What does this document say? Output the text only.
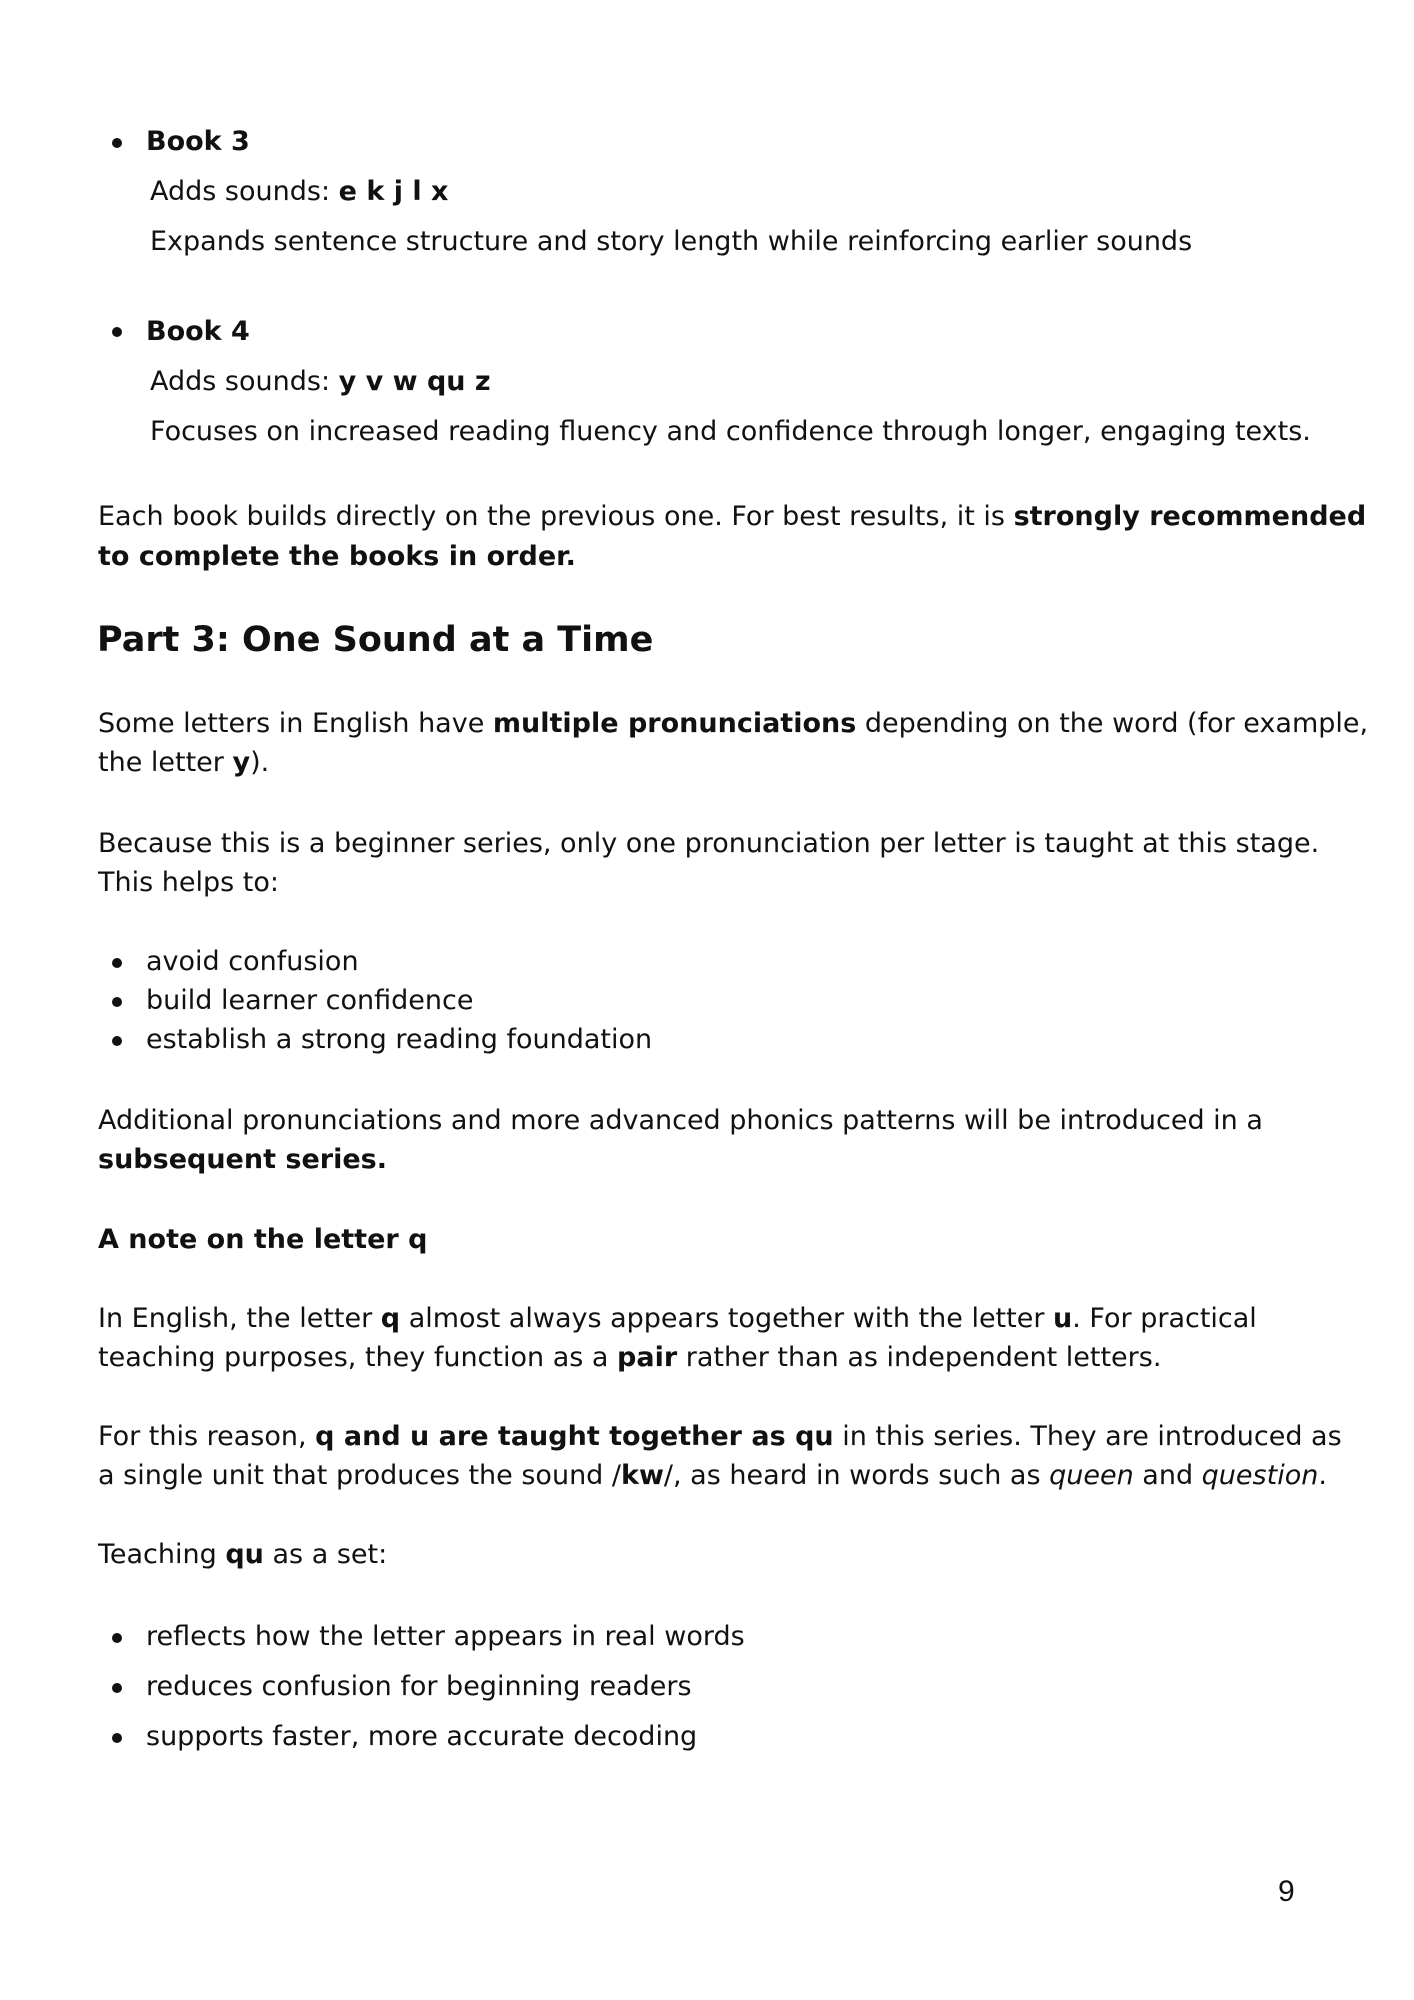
Book 3
Adds sounds: e k j l x
Expands sentence structure and story length while reinforcing earlier sounds
Book 4
Adds sounds: y v w qu z
Focuses on increased reading fluency and confidence through longer, engaging texts.
Each book builds directly on the previous one. For best results, it is strongly recommended
to complete the books in order.
Part 3: One Sound at a Time
Some letters in English have multiple pronunciations depending on the word (for example,
the letter y).
Because this is a beginner series, only one pronunciation per letter is taught at this stage.
This helps to:
avoid confusion
build learner confidence
establish a strong reading foundation
Additional pronunciations and more advanced phonics patterns will be introduced in a
subsequent series.
A note on the letter q
In English, the letter q almost always appears together with the letter u. For practical
teaching purposes, they function as a pair rather than as independent letters.
For this reason, q and u are taught together as qu in this series. They are introduced as
a single unit that produces the sound /kw/, as heard in words such as queen and question.
Teaching qu as a set:
reflects how the letter appears in real words
reduces confusion for beginning readers
supports faster, more accurate decoding
9
